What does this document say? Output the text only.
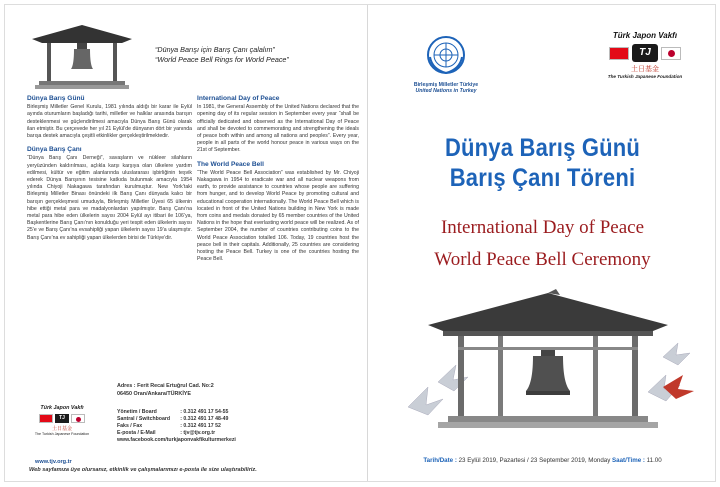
“Dünya Barışı için Barış Çanı çalalım”
“World Peace Bell Rings for World Peace”
Dünya Barış Günü

Birleşmiş Milletler Genel Kurulu, 1981 yılında aldığı bir karar ile Eylül ayında oturumların başladığı tarihi, milletler ve halklar arasında barışın desteklenmesi ve güçlendirilmesi amacıyla Dünya Barış Günü olarak ilan etmiştir. Bu çerçevede her yıl 21 Eylül’de dünyanın dört bir yanında barışa destek amacıyla çeşitli etkinlikler gerçekleştirilmektedir.

Dünya Barış Çanı

“Dünya Barış Çanı Derneği”, savaşların ve nükleer silahların yeryüzünden kaldırılması, açlıkla karşı karşıya olan ülkelere yardım edilmesi, kültür ve eğitim alanlarında uluslararası işbirliğinin teşvik ederek Dünya Barışının tesisine katkıda bulunmak amacıyla 1954 yılında Chiyoji Nakagawa tarafından kurulmuştur. New York’taki Birleşmiş Milletler Binası önündeki ilk Barış Çanı dünyada kalıcı bir barışın gerçekleşmesi umuduyla, Birleşmiş Milletler Üyesi 65 ülkenin hibe ettiği metal para ve madalyonlardan yapılmıştır. Barış Çanı’na metal para hibe eden ülkelerin sayısı 2004 Eylül ayı itibari ile 106’ya, Başkentlerine Barış Çanı’nın konulduğu yeri tespit eden ülkelerin sayısı 25’e ve Barış Çanı’na evsahipliği yapan ülkelerin sayısı 19’a ulaşmıştır. Barış Çanı’na ev sahipliği yapan ülkelerden birisi de Türkiye’dir.

International Day of Peace

In 1981, the General Assembly of the United Nations declared that the opening day of its regular session in September every year “shall be officially dedicated and observed as the International Day of Peace and shall be devoted to commemorating and strengthening the ideals of peace both within and among all nations and peoples”. Every year, people in all parts of the world honour peace in various ways on the 21st of September.

The World Peace Bell

“The World Peace Bell Association” was established by Mr. Chiyoji Nakagawa in 1954 to eradicate war and all nuclear weapons from earth, to provide assistance to countries whose people are suffering from hunger, and to develop World Peace by promoting cultural and educational cooperation internationally. The World Peace Bell which is located in front of the United Nations building in New York is made from coins and medals donated by 65 member countries of the United Nations in the hope that everlasting world peace will be realized. As of September 2004, the number of countries contributing coins to the World Peace Association totalled 106. Today, 19 countries host the peace bell in their capitals. Additionally, 25 countries are considering hosting the Peace Bell. Turkey is one of the countries hosting the Peace Bell.

Adres : Ferit Recai Ertuğrul Cad. No:2
06450 Oran/Ankara/TÜRKİYE
Türk Japon Vakfı
TJ
土日基金
The Turkish Japanese Foundation
Yönetim / Board	: 0.312 491 17 54-55
Santral / Switchboard	: 0.312 491 17 48-49
Faks / Fax	: 0.312 491 17 52
E-posta / E-Mail	: tjv@tjv.org.tr
www.facebook.com/turkjaponvakfikulturmerkezi	
www.tjv.org.tr
Web sayfamıza üye olursanız, etkinlik ve çalışmalarımızı e-posta ile size ulaştırabiliriz.
Birleşmiş Milletler Türkiye
United Nations in Turkey
Türk Japon Vakfı
TJ
土日基金
The Turkish Japanese Foundation
Dünya Barış Günü
Barış Çanı Töreni
International Day of Peace
World Peace Bell Ceremony
Tarih/Date : 23 Eylül 2019, Pazartesi / 23 September 2019, Monday Saat/Time : 11.00
